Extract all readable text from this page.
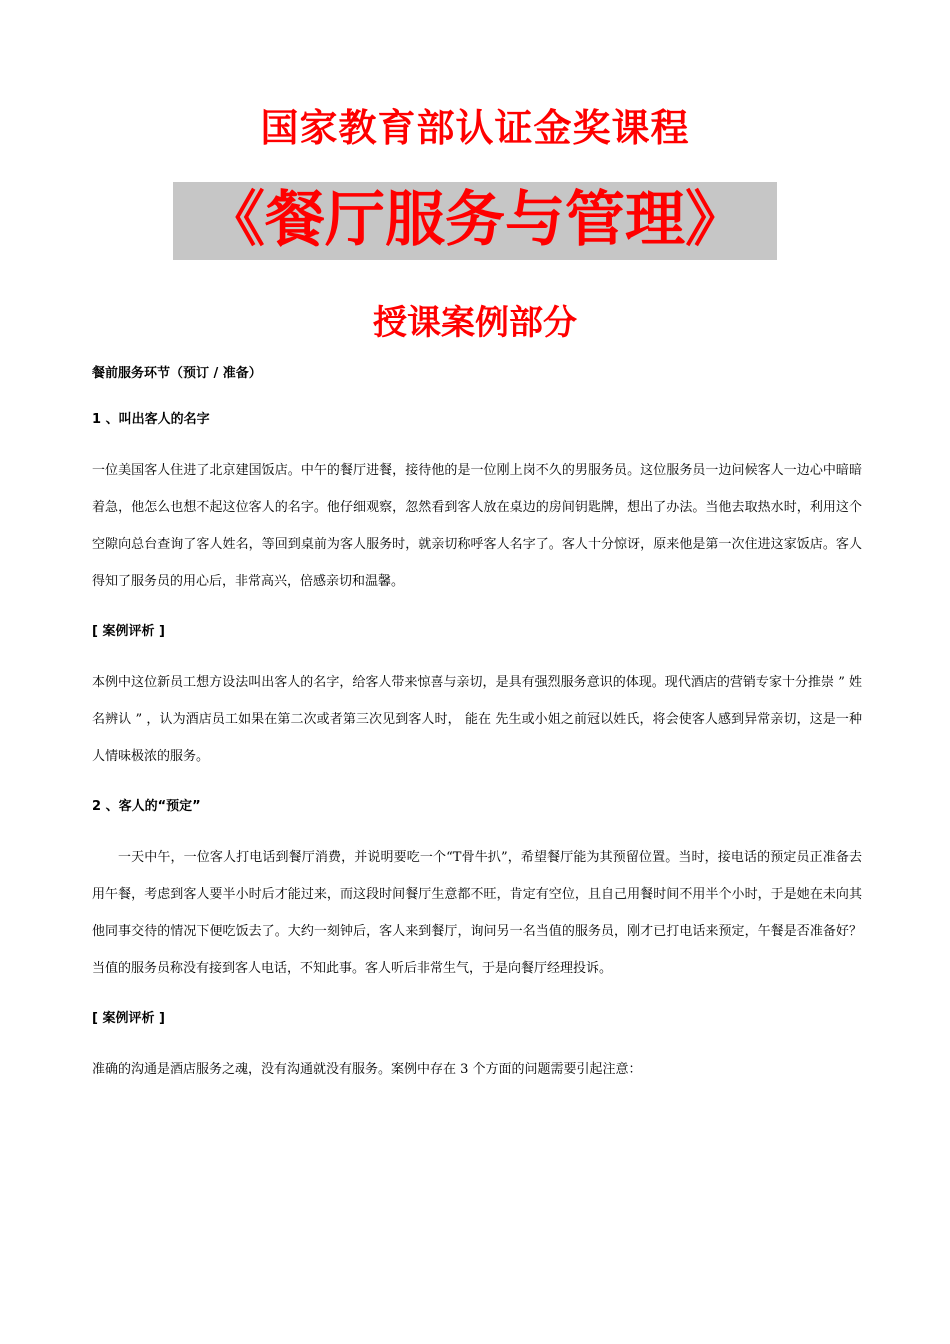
国家教育部认证金奖课程
《餐厅服务与管理》
授课案例部分

餐前服务环节（预订 / 准备）

1 、叫出客人的名字

一位美国客人住进了北京建国饭店。中午的餐厅进餐，接待他的是一位刚上岗不久的男服务员。这位服务员一边问候客人一边心中暗暗着急，他怎么也想不起这位客人的名字。他仔细观察，忽然看到客人放在桌边的房间钥匙牌，想出了办法。当他去取热水时，利用这个空隙向总台查询了客人姓名，等回到桌前为客人服务时，就亲切称呼客人名字了。客人十分惊讶，原来他是第一次住进这家饭店。客人得知了服务员的用心后，非常高兴，倍感亲切和温馨。

[ 案例评析 ]

本例中这位新员工想方设法叫出客人的名字，给客人带来惊喜与亲切，是具有强烈服务意识的体现。现代酒店的营销专家十分推崇 ” 姓名辨认 ” ，认为酒店员工如果在第二次或者第三次见到客人时， 能在 先生或小姐之前冠以姓氏，将会使客人感到异常亲切，这是一种人情味极浓的服务。

2 、客人的“预定”

一天中午，一位客人打电话到餐厅消费，并说明要吃一个“T骨牛扒”，希望餐厅能为其预留位置。当时，接电话的预定员正准备去用午餐，考虑到客人要半小时后才能过来，而这段时间餐厅生意都不旺，肯定有空位，且自己用餐时间不用半个小时，于是她在未向其他同事交待的情况下便吃饭去了。大约一刻钟后，客人来到餐厅，询问另一名当值的服务员，刚才已打电话来预定，午餐是否准备好？当值的服务员称没有接到客人电话，不知此事。客人听后非常生气，于是向餐厅经理投诉。

[ 案例评析 ]

准确的沟通是酒店服务之魂，没有沟通就没有服务。案例中存在 3 个方面的问题需要引起注意：
